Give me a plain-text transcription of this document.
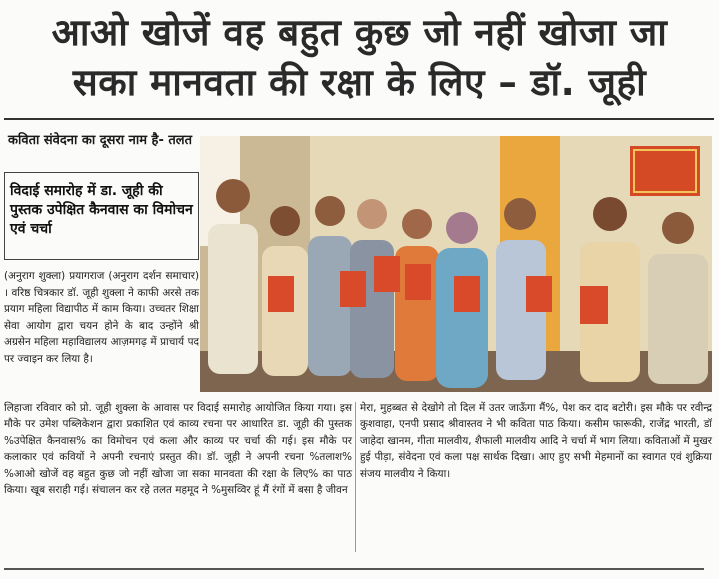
आओ खोजें वह बहुत कुछ जो नहीं खोजा जा
सका मानवता की रक्षा के लिए – डॉ. जूही
कविता संवेदना का दूसरा नाम है- तलत
विदाई समारोह में डा. जूही की पुस्तक उपेक्षित कैनवास का विमोचन एवं चर्चा
(अनुराग शुक्ला) प्रयागराज (अनुराग दर्शन समाचार) । वरिष्ठ चित्रकार डॉ. जूही शुक्ला ने काफी अरसे तक प्रयाग महिला विद्यापीठ में काम किया। उच्चतर शिक्षा सेवा आयोग द्वारा चयन होने के बाद उन्होंने श्री अग्रसेन महिला महाविद्यालय आज़मगढ़ में प्राचार्य पद पर ज्वाइन कर लिया है।
लिहाजा रविवार को प्रो. जूही शुक्ला के आवास पर विदाई समारोह आयोजित किया गया। इस मौके पर उमेश पब्लिकेशन द्वारा प्रकाशित एवं काव्य रचना पर आधारित डा. जूही की पुस्तक %उपेक्षित कैनवास% का विमोचन एवं कला और काव्य पर चर्चा की गई। इस मौके पर कलाकार एवं कवियों ने अपनी रचनाएं प्रस्तुत की। डॉ. जूही ने अपनी रचना %तलाश% %आओ खोजें वह बहुत कुछ जो नहीं खोजा जा सका मानवता की रक्षा के लिए% का पाठ किया। खूब सराही गई। संचालन कर रहे तलत महमूद ने %मुसव्विर हूं मैं रंगों में बसा है जीवन
मेरा, मुहब्बत से देखोगे तो दिल में उतर जाऊँगा मैं%, पेश कर दाद बटोरी। इस मौके पर रवीन्द्र कुशवाहा, एनपी प्रसाद श्रीवास्तव ने भी कविता पाठ किया। कसीम फारूकी, राजेंद्र भारती, डॉ जाहेदा खानम, गीता मालवीय, शैफाली मालवीय आदि ने चर्चा में भाग लिया। कविताओं में मुखर हुई पीड़ा, संवेदना एवं कला पक्ष सार्थक दिखा। आए हुए सभी मेहमानों का स्वागत एवं शुक्रिया संजय मालवीय ने किया।
